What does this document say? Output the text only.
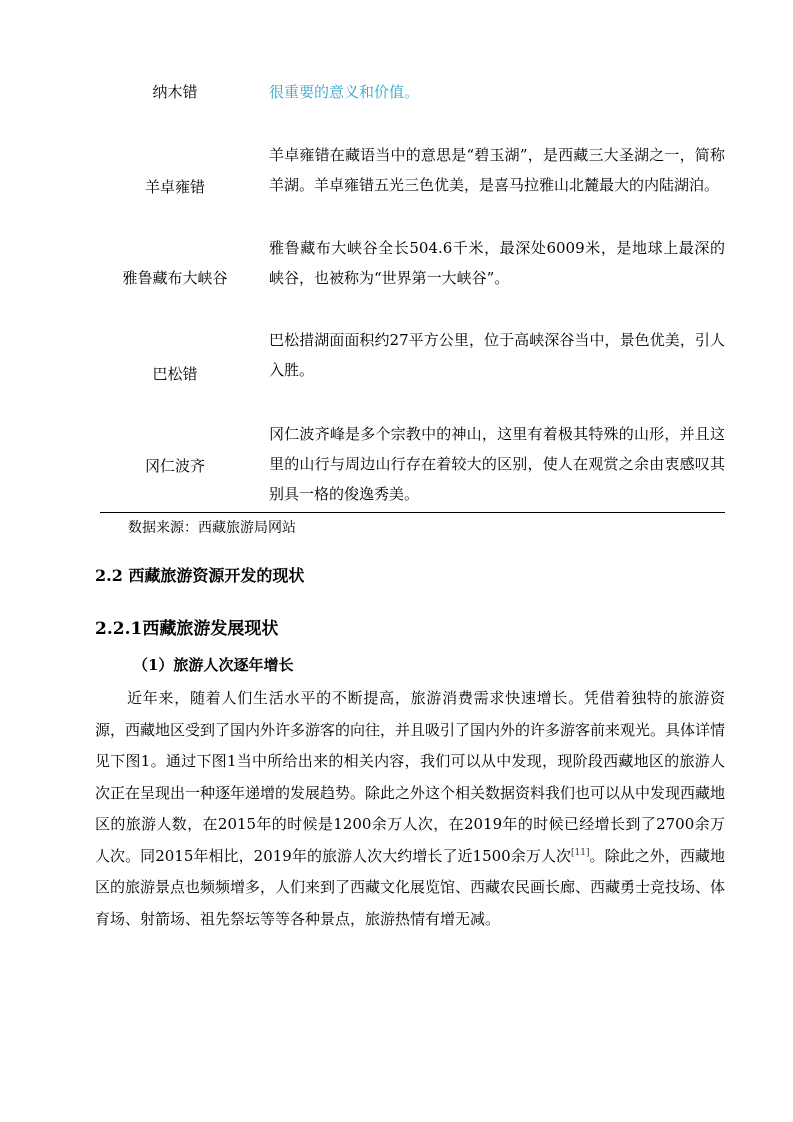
纳木错	很重要的意义和价值。
羊卓雍错
羊卓雍错在藏语当中的意思是“碧玉湖”，是西藏三大圣湖之一，简称羊湖。羊卓雍错五光三色优美，是喜马拉雅山北麓最大的内陆湖泊。
雅鲁藏布大峡谷
雅鲁藏布大峡谷全长504.6千米，最深处6009米，是地球上最深的峡谷，也被称为“世界第一大峡谷”。
巴松错
巴松措湖面面积约27平方公里，位于高峡深谷当中，景色优美，引人入胜。
冈仁波齐
冈仁波齐峰是多个宗教中的神山，这里有着极其特殊的山形，并且这里的山行与周边山行存在着较大的区别，使人在观赏之余由衷感叹其别具一格的俊逸秀美。
数据来源：西藏旅游局网站
2.2 西藏旅游资源开发的现状
2.2.1西藏旅游发展现状
（1）旅游人次逐年增长
近年来，随着人们生活水平的不断提高，旅游消费需求快速增长。凭借着独特的旅游资源，西藏地区受到了国内外许多游客的向往，并且吸引了国内外的许多游客前来观光。具体详情见下图1。通过下图1当中所给出来的相关内容，我们可以从中发现，现阶段西藏地区的旅游人次正在呈现出一种逐年递增的发展趋势。除此之外这个相关数据资料我们也可以从中发现西藏地区的旅游人数，在2015年的时候是1200余万人次，在2019年的时候已经增长到了2700余万人次。同2015年相比，2019年的旅游人次大约增长了近1500余万人次[11]。除此之外，西藏地区的旅游景点也频频增多，人们来到了西藏文化展览馆、西藏农民画长廊、西藏勇士竞技场、体育场、射箭场、祖先祭坛等等各种景点，旅游热情有增无减。
